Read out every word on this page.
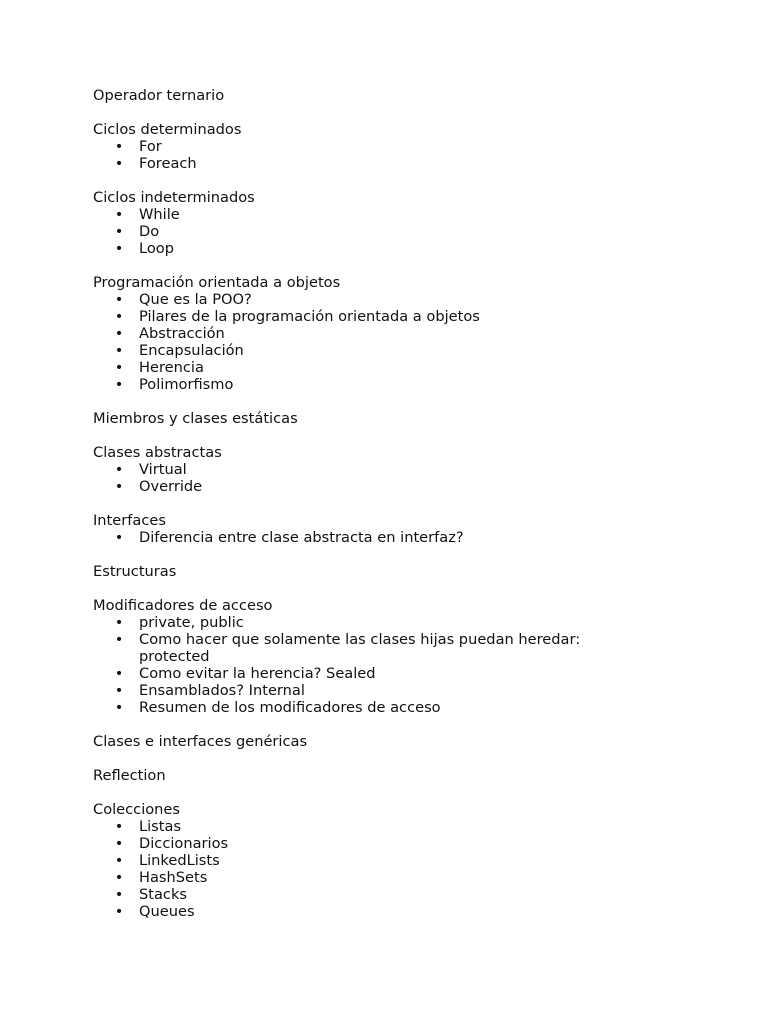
Operador ternario
Ciclos determinados
• For
• Foreach
Ciclos indeterminados
• While
• Do
• Loop
Programación orientada a objetos
• Que es la POO?
• Pilares de la programación orientada a objetos
• Abstracción
• Encapsulación
• Herencia
• Polimorfismo
Miembros y clases estáticas
Clases abstractas
• Virtual
• Override
Interfaces
• Diferencia entre clase abstracta en interfaz?
Estructuras
Modificadores de acceso
• private, public
• Como hacer que solamente las clases hijas puedan heredar: protected
• Como evitar la herencia? Sealed
• Ensamblados? Internal
• Resumen de los modificadores de acceso
Clases e interfaces genéricas
Reflection
Colecciones
• Listas
• Diccionarios
• LinkedLists
• HashSets
• Stacks
• Queues
